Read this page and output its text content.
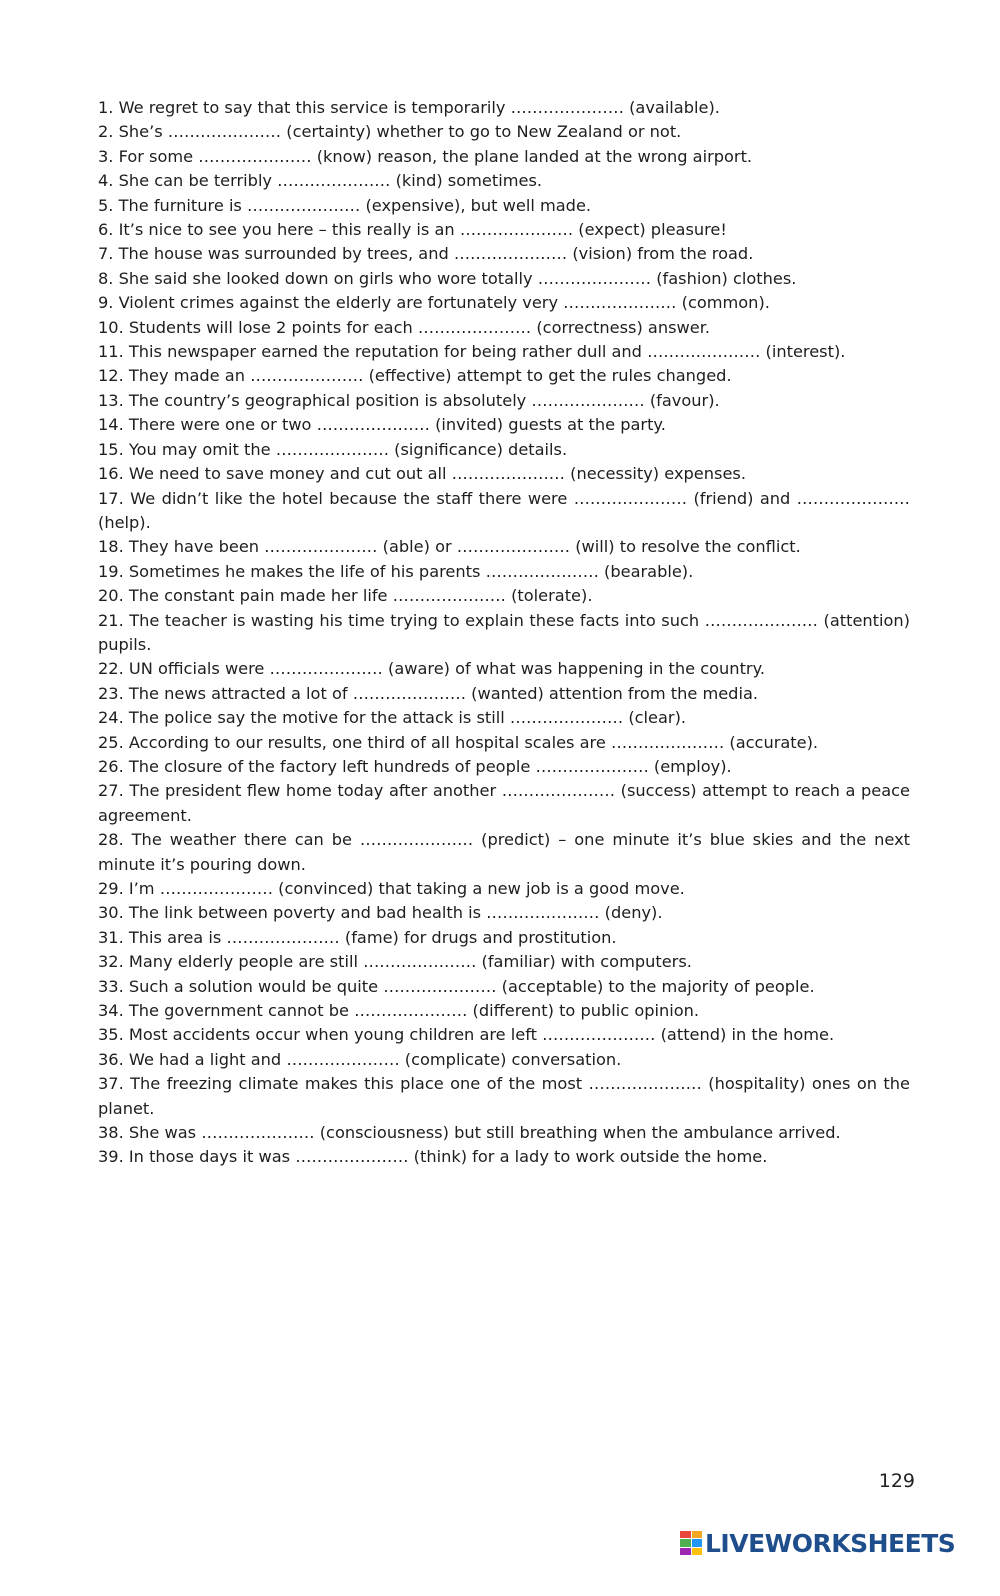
1. We regret to say that this service is temporarily ………………… (available).

2. She’s ………………… (certainty) whether to go to New Zealand or not.

3. For some ………………… (know) reason, the plane landed at the wrong airport.

4. She can be terribly ………………… (kind) sometimes.

5. The furniture is ………………… (expensive), but well made.

6. It’s nice to see you here – this really is an ………………… (expect) pleasure!

7. The house was surrounded by trees, and ………………… (vision) from the road.

8. She said she looked down on girls who wore totally ………………… (fashion) clothes.

9. Violent crimes against the elderly are fortunately very ………………… (common).

10. Students will lose 2 points for each ………………… (correctness) answer.

11. This newspaper earned the reputation for being rather dull and ………………… (interest).

12. They made an ………………… (effective) attempt to get the rules changed.

13. The country’s geographical position is absolutely ………………… (favour).

14. There were one or two ………………… (invited) guests at the party.

15. You may omit the ………………… (significance) details.

16. We need to save money and cut out all ………………… (necessity) expenses.

17. We didn’t like the hotel because the staff there were ………………… (friend) and ………………… (help).

18. They have been ………………… (able) or ………………… (will) to resolve the conflict.

19. Sometimes he makes the life of his parents ………………… (bearable).

20. The constant pain made her life ………………… (tolerate).

21. The teacher is wasting his time trying to explain these facts into such ………………… (attention) pupils.

22. UN officials were ………………… (aware) of what was happening in the country.

23. The news attracted a lot of ………………… (wanted) attention from the media.

24. The police say the motive for the attack is still ………………… (clear).

25. According to our results, one third of all hospital scales are ………………… (accurate).

26. The closure of the factory left hundreds of people ………………… (employ).

27. The president flew home today after another ………………… (success) attempt to reach a peace agreement.

28. The weather there can be ………………… (predict) – one minute it’s blue skies and the next minute it’s pouring down.

29. I’m ………………… (convinced) that taking a new job is a good move.

30. The link between poverty and bad health is ………………… (deny).

31. This area is ………………… (fame) for drugs and prostitution.

32. Many elderly people are still ………………… (familiar) with computers.

33. Such a solution would be quite ………………… (acceptable) to the majority of people.

34. The government cannot be ………………… (different) to public opinion.

35. Most accidents occur when young children are left ………………… (attend) in the home.

36. We had a light and ………………… (complicate) conversation.

37. The freezing climate makes this place one of the most ………………… (hospitality) ones on the planet.

38. She was ………………… (consciousness) but still breathing when the ambulance arrived.

39. In those days it was ………………… (think) for a lady to work outside the home.

129
LIVEWORKSHEETS
